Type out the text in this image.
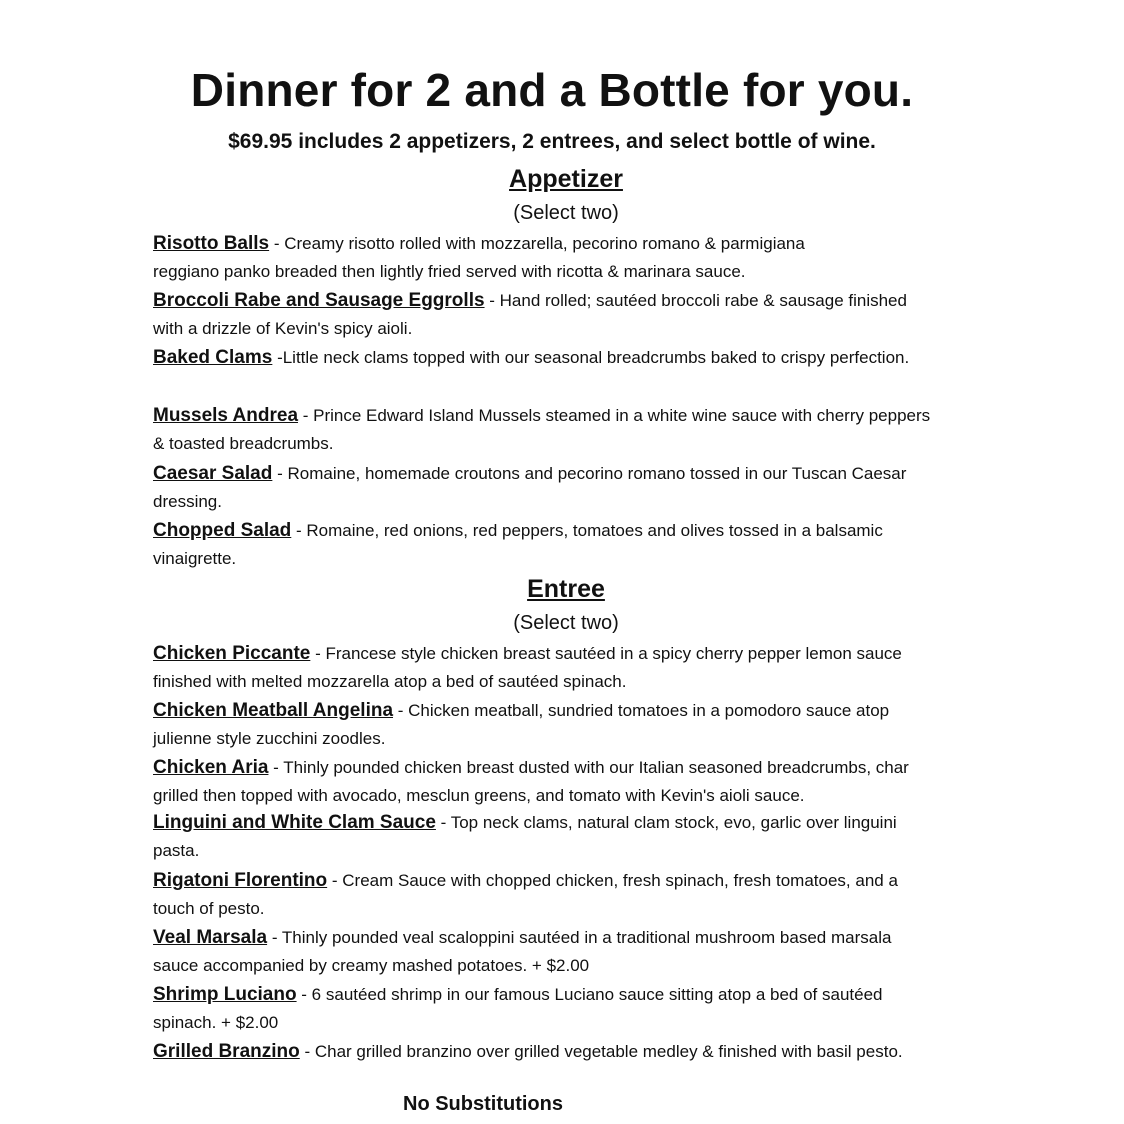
Dinner for 2 and a Bottle for you.
$69.95 includes 2 appetizers, 2 entrees, and select bottle of wine.
Appetizer
(Select two)
Risotto Balls - Creamy risotto rolled with mozzarella, pecorino romano & parmigiana reggiano panko breaded then lightly fried served with ricotta & marinara sauce.
Broccoli Rabe and Sausage Eggrolls - Hand rolled; sautéed broccoli rabe & sausage finished with a drizzle of Kevin's spicy aioli.
Baked Clams -Little neck clams topped with our seasonal breadcrumbs baked to crispy perfection.
Mussels Andrea - Prince Edward Island Mussels steamed in a white wine sauce with cherry peppers & toasted breadcrumbs.
Caesar Salad - Romaine, homemade croutons and pecorino romano tossed in our Tuscan Caesar dressing.
Chopped Salad - Romaine, red onions, red peppers, tomatoes and olives tossed in a balsamic vinaigrette.
Entree
(Select two)
Chicken Piccante - Francese style chicken breast sautéed in a spicy cherry pepper lemon sauce finished with melted mozzarella atop a bed of sautéed spinach.
Chicken Meatball Angelina - Chicken meatball, sundried tomatoes in a pomodoro sauce atop julienne style zucchini zoodles.
Chicken Aria - Thinly pounded chicken breast dusted with our Italian seasoned breadcrumbs, char grilled then topped with avocado, mesclun greens, and tomato with Kevin's aioli sauce.
Linguini and White Clam Sauce - Top neck clams, natural clam stock, evo, garlic over linguini pasta.
Rigatoni Florentino - Cream Sauce with chopped chicken, fresh spinach, fresh tomatoes, and a touch of pesto.
Veal Marsala - Thinly pounded veal scaloppini sautéed in a traditional mushroom based marsala sauce accompanied by creamy mashed potatoes. + $2.00
Shrimp Luciano - 6 sautéed shrimp in our famous Luciano sauce sitting atop a bed of sautéed spinach. + $2.00
Grilled Branzino - Char grilled branzino over grilled vegetable medley & finished with basil pesto.
No Substitutions
